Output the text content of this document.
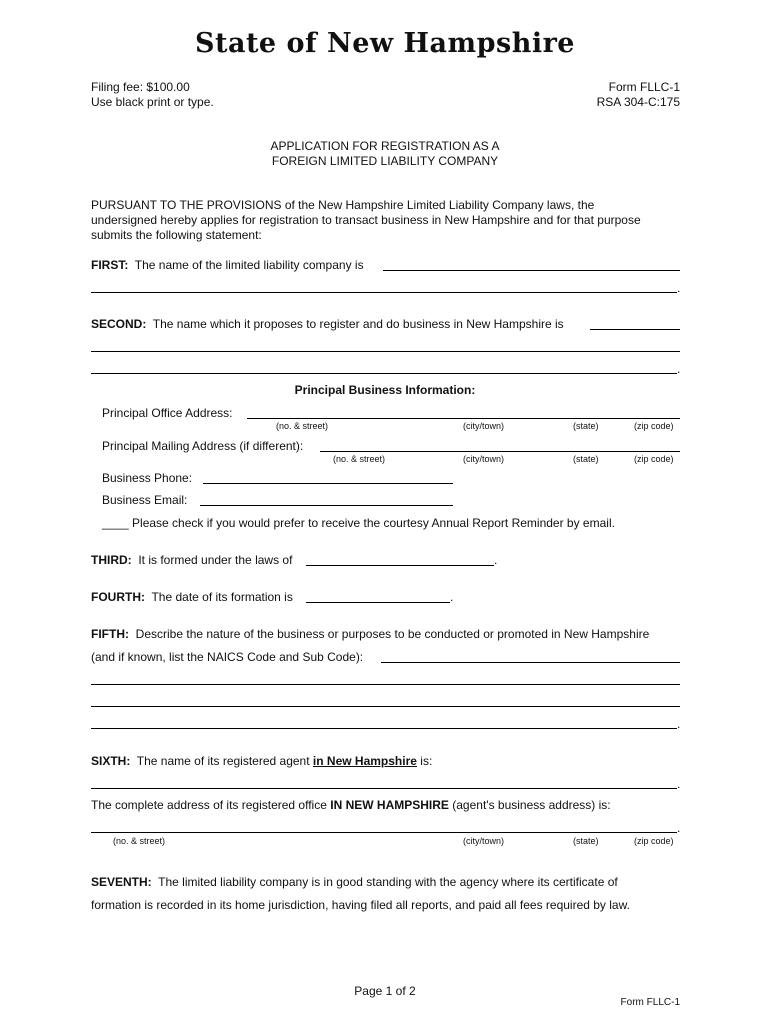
State of New Hampshire
Filing fee: $100.00
Use black print or type.
Form FLLC-1
RSA 304-C:175
APPLICATION FOR REGISTRATION AS A
FOREIGN LIMITED LIABILITY COMPANY
PURSUANT TO THE PROVISIONS of the New Hampshire Limited Liability Company laws, the
undersigned hereby applies for registration to transact business in New Hampshire and for that purpose
submits the following statement:
FIRST: The name of the limited liability company is
.
SECOND: The name which it proposes to register and do business in New Hampshire is
.
Principal Business Information:
Principal Office Address:
(no. & street)	(city/town)	(state)	(zip code)
Principal Mailing Address (if different):
(no. & street)	(city/town)	(state)	(zip code)
Business Phone:
Business Email:
____ Please check if you would prefer to receive the courtesy Annual Report Reminder by email.
THIRD: It is formed under the laws of	.
FOURTH: The date of its formation is	.
FIFTH: Describe the nature of the business or purposes to be conducted or promoted in New Hampshire
(and if known, list the NAICS Code and Sub Code):
.
SIXTH: The name of its registered agent in New Hampshire is:
.
The complete address of its registered office IN NEW HAMPSHIRE (agent's business address) is:
.
(no. & street)	(city/town)	(state)	(zip code)
SEVENTH: The limited liability company is in good standing with the agency where its certificate of
formation is recorded in its home jurisdiction, having filed all reports, and paid all fees required by law.
Page 1 of 2
Form FLLC-1
